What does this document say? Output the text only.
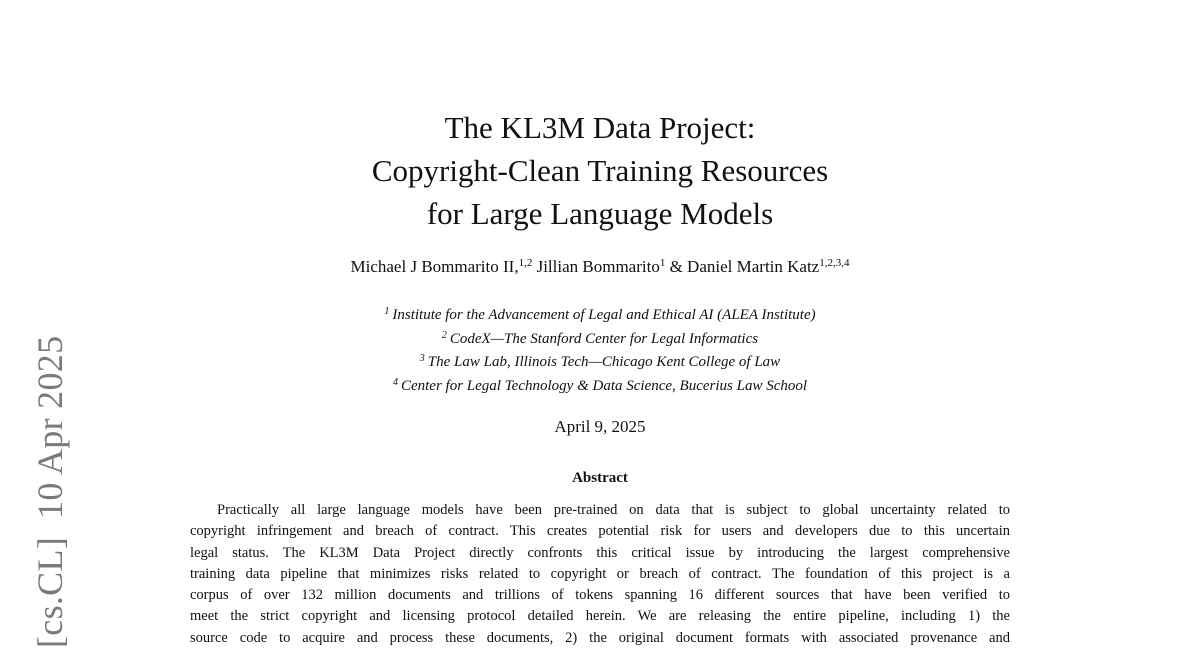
[cs.CL]10 Apr 2025
The KL3M Data Project:
Copyright-Clean Training Resources
for Large Language Models
Michael J Bommarito II,$^{1,2}$ Jillian Bommarito$^1$ & Daniel Martin Katz$^{1,2,3,4}$
$^1$ Institute for the Advancement of Legal and Ethical AI (ALEA Institute)
$^2$ CodeX—The Stanford Center for Legal Informatics
$^3$ The Law Lab, Illinois Tech—Chicago Kent College of Law
$^4$ Center for Legal Technology & Data Science, Bucerius Law School
April 9, 2025
Abstract
Practically all large language models have been pre-trained on data that is subject to global uncertainty related to
copyright infringement and breach of contract. This creates potential risk for users and developers due to this uncertain
legal status. The KL3M Data Project directly confronts this critical issue by introducing the largest comprehensive
training data pipeline that minimizes risks related to copyright or breach of contract. The foundation of this project is a
corpus of over 132 million documents and trillions of tokens spanning 16 different sources that have been verified to
meet the strict copyright and licensing protocol detailed herein. We are releasing the entire pipeline, including 1) the
source code to acquire and process these documents, 2) the original document formats with associated provenance and
